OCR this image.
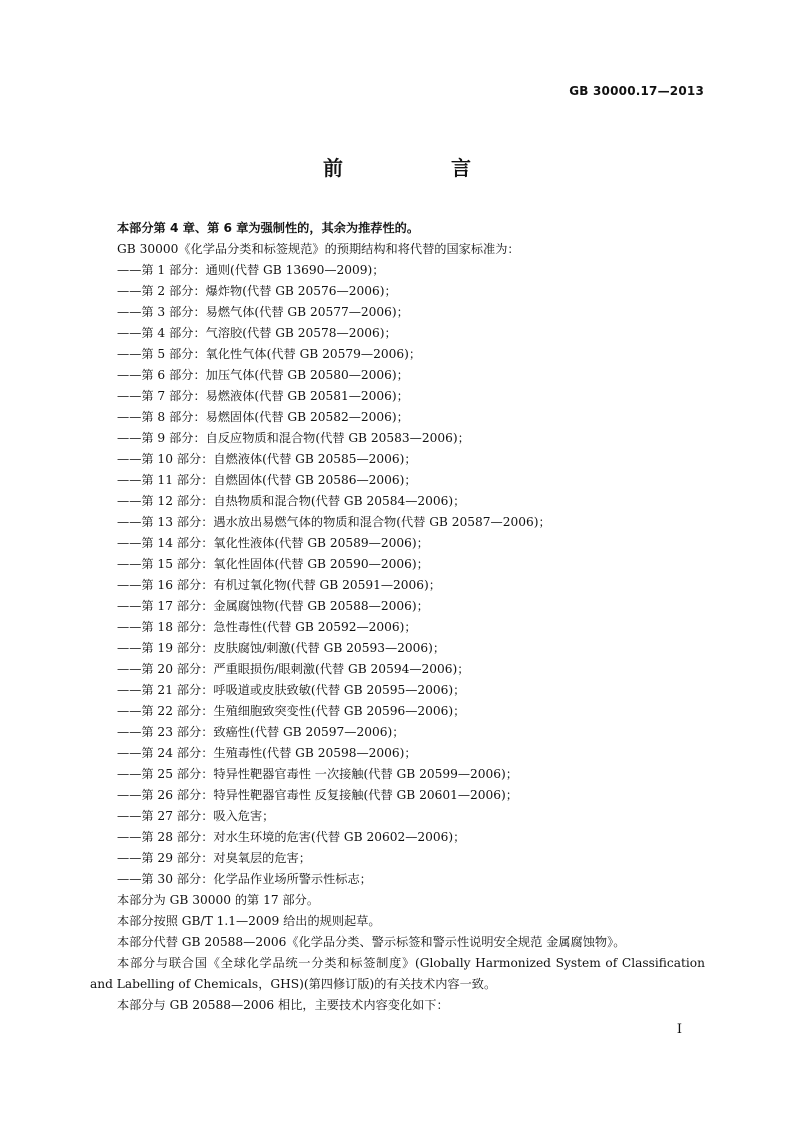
GB 30000.17—2013
前　言

本部分第 4 章、第 6 章为强制性的，其余为推荐性的。

GB 30000《化学品分类和标签规范》的预期结构和将代替的国家标准为：

——第 1 部分：通则(代替 GB 13690—2009)；

——第 2 部分：爆炸物(代替 GB 20576—2006)；

——第 3 部分：易燃气体(代替 GB 20577—2006)；

——第 4 部分：气溶胶(代替 GB 20578—2006)；

——第 5 部分：氧化性气体(代替 GB 20579—2006)；

——第 6 部分：加压气体(代替 GB 20580—2006)；

——第 7 部分：易燃液体(代替 GB 20581—2006)；

——第 8 部分：易燃固体(代替 GB 20582—2006)；

——第 9 部分：自反应物质和混合物(代替 GB 20583—2006)；

——第 10 部分：自燃液体(代替 GB 20585—2006)；

——第 11 部分：自燃固体(代替 GB 20586—2006)；

——第 12 部分：自热物质和混合物(代替 GB 20584—2006)；

——第 13 部分：遇水放出易燃气体的物质和混合物(代替 GB 20587—2006)；

——第 14 部分：氧化性液体(代替 GB 20589—2006)；

——第 15 部分：氧化性固体(代替 GB 20590—2006)；

——第 16 部分：有机过氧化物(代替 GB 20591—2006)；

——第 17 部分：金属腐蚀物(代替 GB 20588—2006)；

——第 18 部分：急性毒性(代替 GB 20592—2006)；

——第 19 部分：皮肤腐蚀/刺激(代替 GB 20593—2006)；

——第 20 部分：严重眼损伤/眼刺激(代替 GB 20594—2006)；

——第 21 部分：呼吸道或皮肤致敏(代替 GB 20595—2006)；

——第 22 部分：生殖细胞致突变性(代替 GB 20596—2006)；

——第 23 部分：致癌性(代替 GB 20597—2006)；

——第 24 部分：生殖毒性(代替 GB 20598—2006)；

——第 25 部分：特异性靶器官毒性 一次接触(代替 GB 20599—2006)；

——第 26 部分：特异性靶器官毒性 反复接触(代替 GB 20601—2006)；

——第 27 部分：吸入危害；

——第 28 部分：对水生环境的危害(代替 GB 20602—2006)；

——第 29 部分：对臭氧层的危害；

——第 30 部分：化学品作业场所警示性标志；

本部分为 GB 30000 的第 17 部分。

本部分按照 GB/T 1.1—2009 给出的规则起草。

本部分代替 GB 20588—2006《化学品分类、警示标签和警示性说明安全规范 金属腐蚀物》。

本部分与联合国《全球化学品统一分类和标签制度》(Globally Harmonized System of Classification and Labelling of Chemicals，GHS)(第四修订版)的有关技术内容一致。

本部分与 GB 20588—2006 相比，主要技术内容变化如下：

I
